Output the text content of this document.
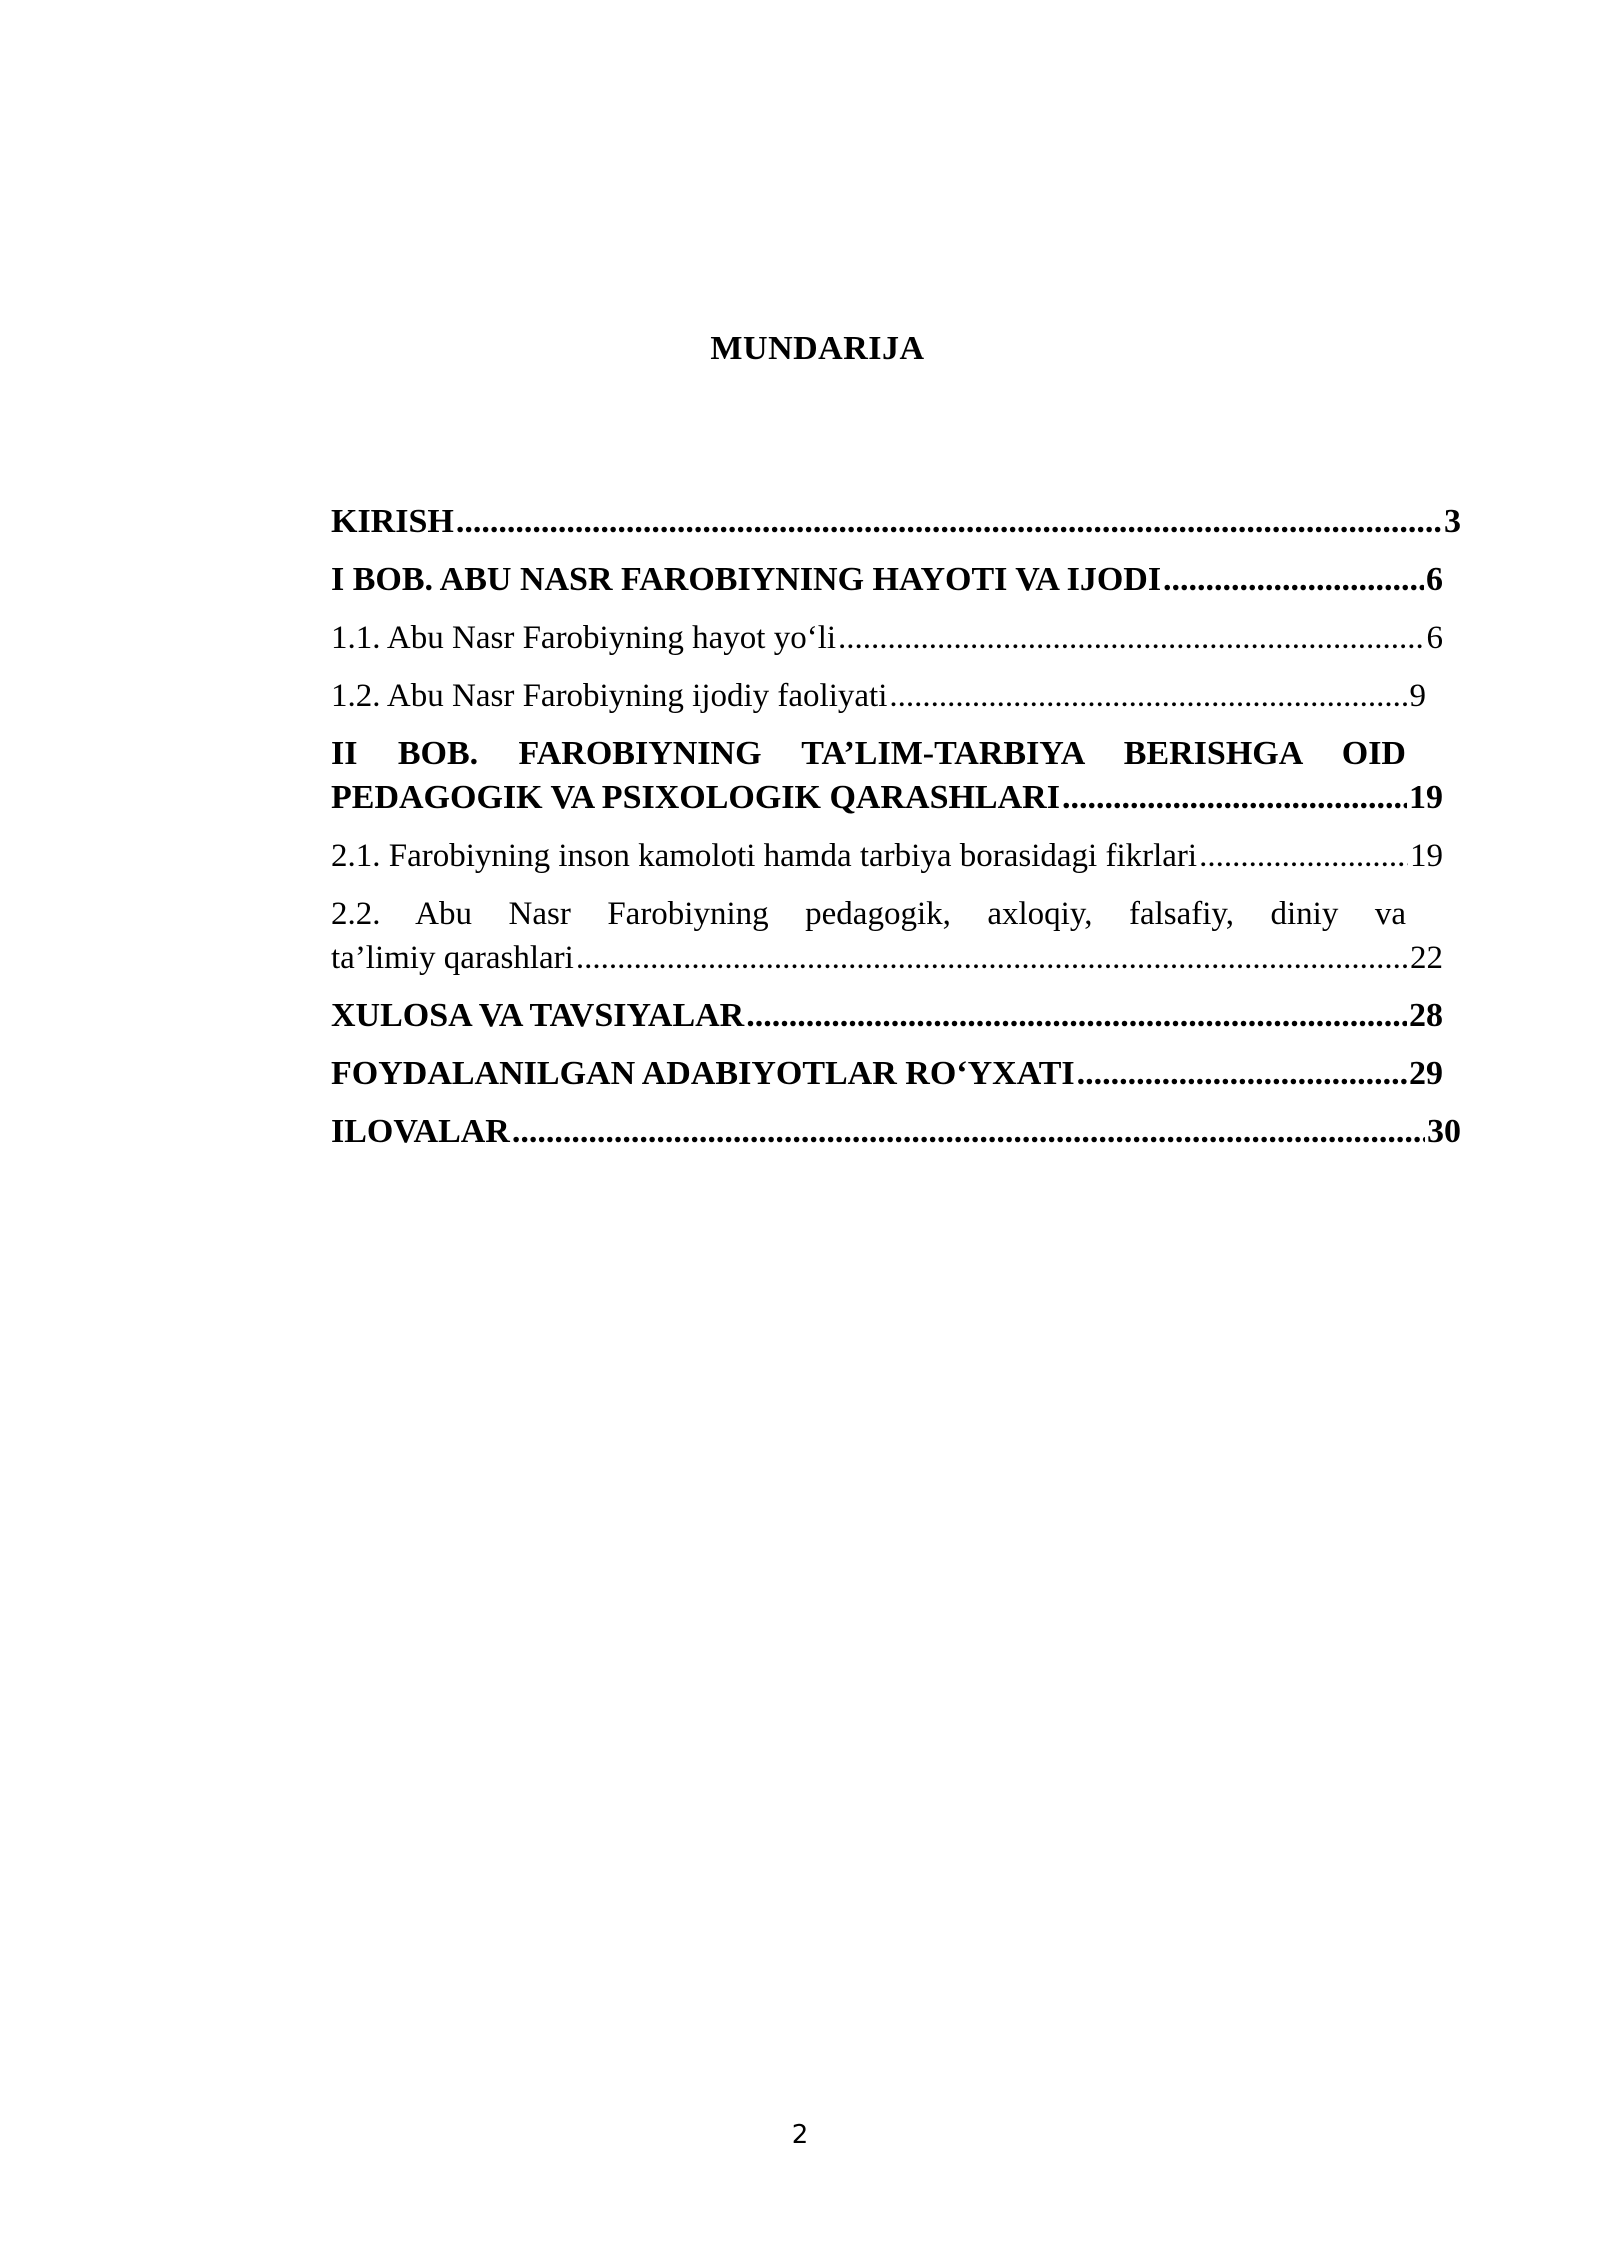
MUNDARIJA
KIRISH .....	3
I BOB. ABU NASR FAROBIYNING HAYOTI VA IJODI .....	6
1.1. Abu Nasr Farobiyning hayot yo‘li .....	6
1.2. Abu Nasr Farobiyning ijodiy faoliyati .....	9
II BOB. FAROBIYNING TA’LIM-TARBIYA BERISHGA OID
PEDAGOGIK VA PSIXOLOGIK QARASHLARI .....	19
2.1. Farobiyning inson kamoloti hamda tarbiya borasidagi fikrlari .....	19
2.2. Abu Nasr Farobiyning pedagogik, axloqiy, falsafiy, diniy va
ta’limiy qarashlari .....	22
XULOSA VA TAVSIYALAR .....	28
FOYDALANILGAN ADABIYOTLAR RO‘YXATI .....	29
ILOVALAR .....	30
2
